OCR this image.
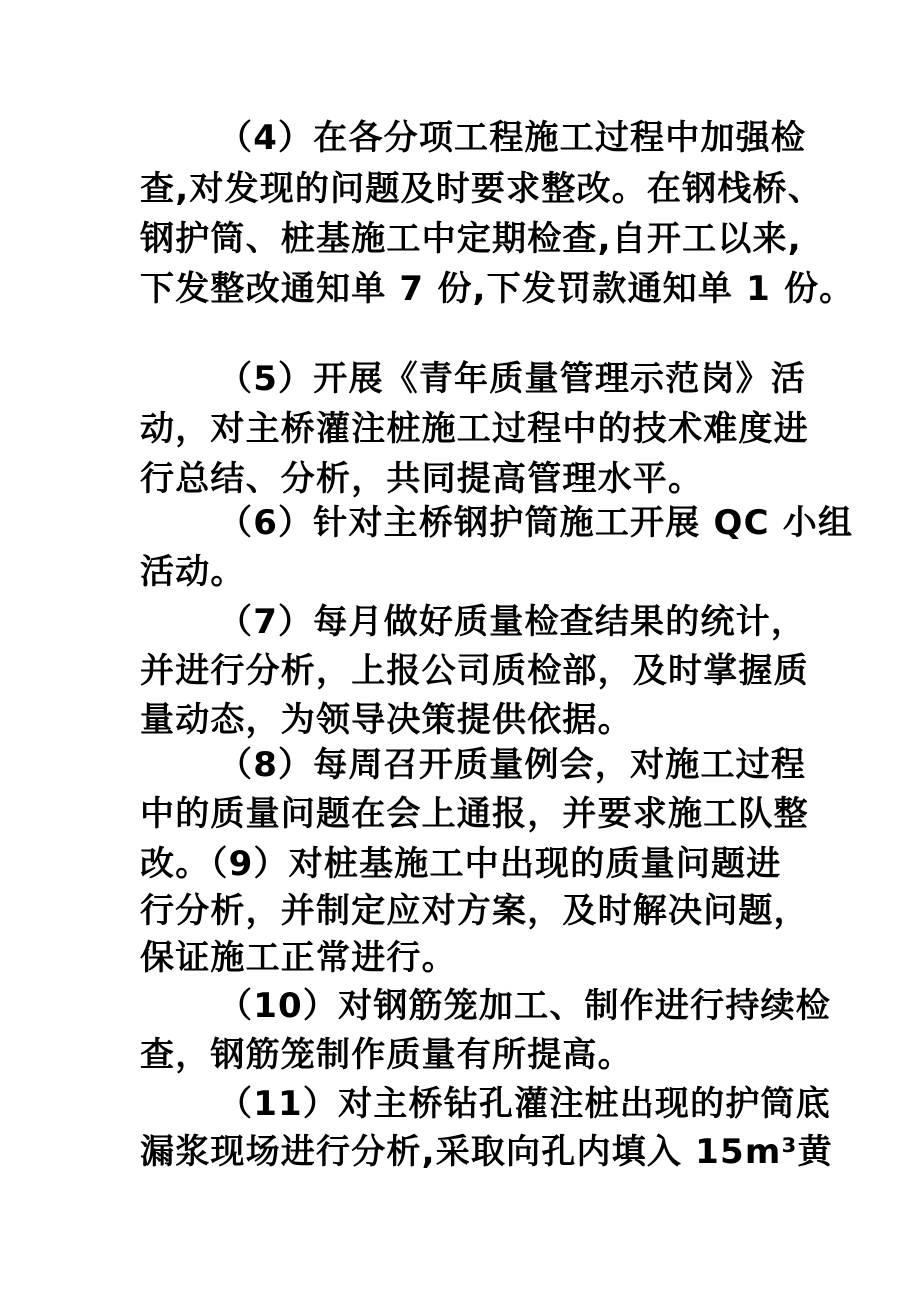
（4）在各分项工程施工过程中加强检
查,对发现的问题及时要求整改。在钢栈桥、
钢护筒、桩基施工中定期检查,自开工以来,
下发整改通知单 7 份,下发罚款通知单 1 份。
（5）开展《青年质量管理示范岗》活
动，对主桥灌注桩施工过程中的技术难度进
行总结、分析，共同提高管理水平。
（6）针对主桥钢护筒施工开展 QC 小组
活动。
（7）每月做好质量检查结果的统计，
并进行分析，上报公司质检部，及时掌握质
量动态，为领导决策提供依据。
（8）每周召开质量例会，对施工过程
中的质量问题在会上通报，并要求施工队整
改。（9）对桩基施工中出现的质量问题进
行分析，并制定应对方案，及时解决问题，
保证施工正常进行。
（10）对钢筋笼加工、制作进行持续检
查，钢筋笼制作质量有所提高。
（11）对主桥钻孔灌注桩出现的护筒底
漏浆现场进行分析,采取向孔内填入 15m³黄
